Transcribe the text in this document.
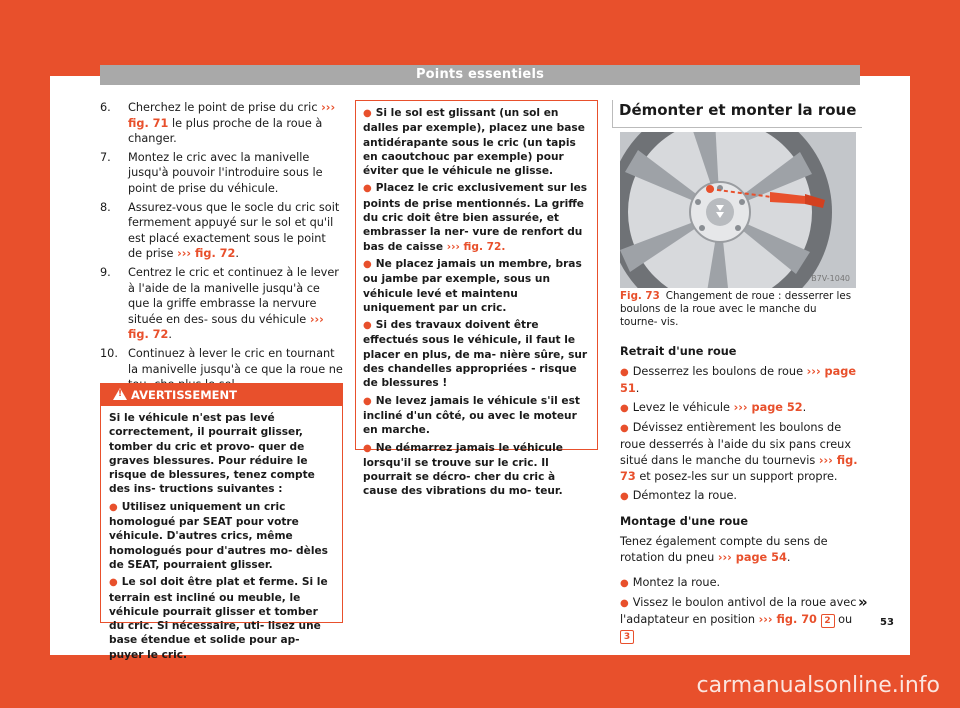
Points essentiels
6. Cherchez le point de prise du cric ››› fig. 71 le plus proche de la roue à changer.
7. Montez le cric avec la manivelle jusqu'à pouvoir l'introduire sous le point de prise du véhicule.
8. Assurez-vous que le socle du cric soit fermement appuyé sur le sol et qu'il est placé exactement sous le point de prise ››› fig. 72.
9. Centrez le cric et continuez à le lever à l'aide de la manivelle jusqu'à ce que la griffe embrasse la nervure située en des- sous du véhicule ››› fig. 72.
10. Continuez à lever le cric en tournant la manivelle jusqu'à ce que la roue ne
!
AVERTISSEMENT

Si le véhicule n'est pas levé correctement, il pourrait glisser, tomber du cric et provo- quer de graves blessures. Pour réduire le risque de blessures, tenez compte des ins- tructions suivantes :

● Utilisez uniquement un cric homologué par SEAT pour votre véhicule. D'autres crics, même homologués pour d'autres mo- dèles de SEAT, pourraient glisser.

● Le sol doit être plat et ferme. Si le terrain est incliné ou meuble, le véhicule pourrait glisser et tomber du cric. Si nécessaire, uti- lisez une base étendue et solide pour ap- puyer le cric.

● Si le sol est glissant (un sol en dalles par exemple), placez une base antidérapante sous le cric (un tapis en caoutchouc par exemple) pour éviter que le véhicule ne glisse.

● Placez le cric exclusivement sur les points de prise mentionnés. La griffe du cric doit être bien assurée, et embrasser la ner- vure de renfort du bas de caisse ››› fig. 72.

● Ne placez jamais un membre, bras ou jambe par exemple, sous un véhicule levé et maintenu uniquement par un cric.

● Si des travaux doivent être effectués sous le véhicule, il faut le placer en plus, de ma- nière sûre, sur des chandelles appropriées - risque de blessures !

● Ne levez jamais le véhicule s'il est incliné d'un côté, ou avec le moteur en marche.

● Ne démarrez jamais le véhicule lorsqu'il se trouve sur le cric. Il pourrait se décro- cher du cric à cause des vibrations du mo- teur.

Démonter et monter la roue
B7V-1040
Fig. 73 Changement de roue : desserrer les boulons de la roue avec le manche du tourne- vis.

Retrait d'une roue

● Desserrez les boulons de roue ››› page 51.

● Levez le véhicule ››› page 52.

● Dévissez entièrement les boulons de roue desserrés à l'aide du six pans creux situé dans le manche du tournevis ››› fig. 73 et posez-les sur un support propre.

● Démontez la roue.

Montage d'une roue

Tenez également compte du sens de rotation du pneu ››› page 54.

● Montez la roue.

● Vissez le boulon antivol de la roue avec l'adaptateur en position ››› fig. 70 2 ou 3

»
53
carmanualsonline.info
